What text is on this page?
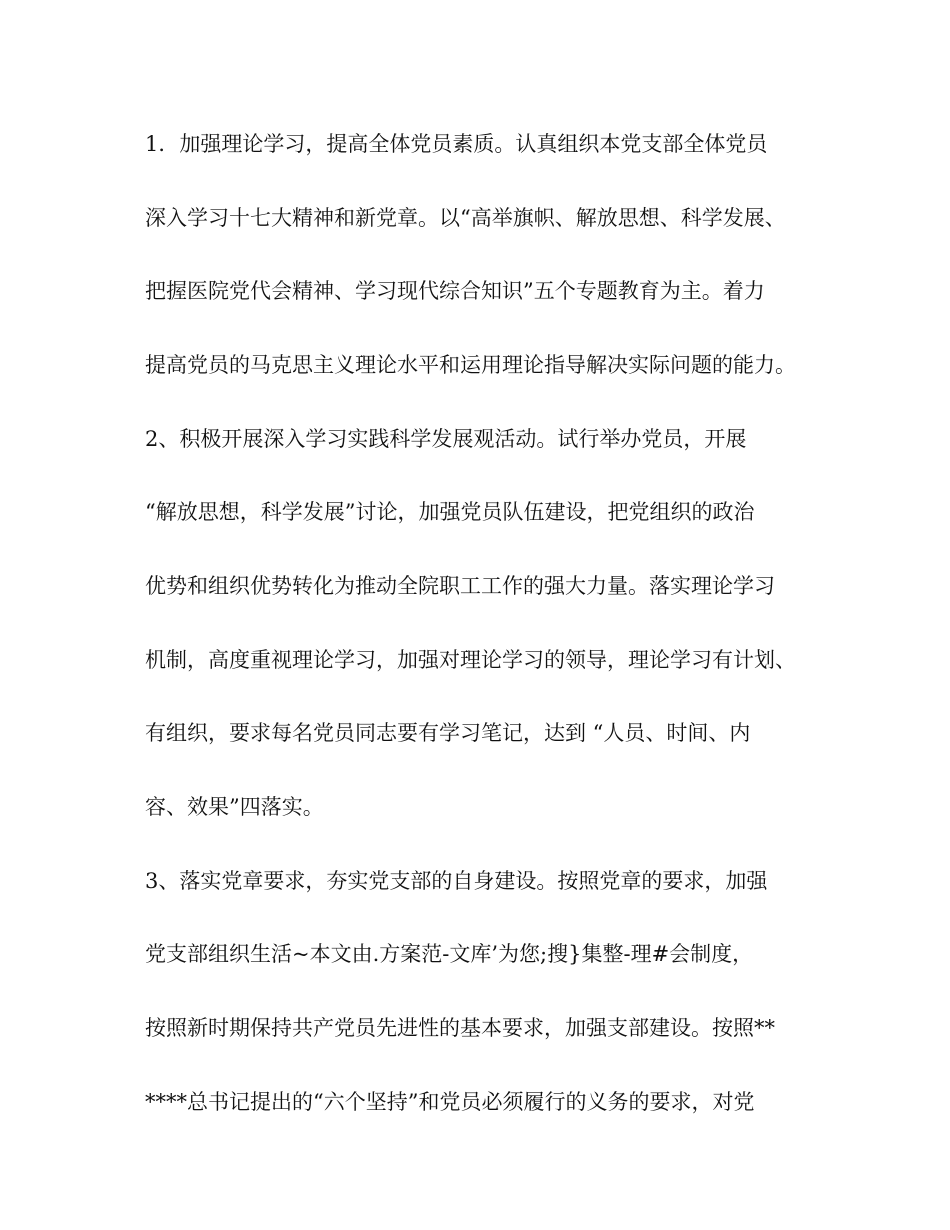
1．加强理论学习，提高全体党员素质。认真组织本党支部全体党员
深入学习十七大精神和新党章。以“高举旗帜、解放思想、科学发展、
把握医院党代会精神、学习现代综合知识”五个专题教育为主。着力
提高党员的马克思主义理论水平和运用理论指导解决实际问题的能力。
2、积极开展深入学习实践科学发展观活动。试行举办党员，开展
“解放思想，科学发展”讨论，加强党员队伍建设，把党组织的政治
优势和组织优势转化为推动全院职工工作的强大力量。落实理论学习
机制，高度重视理论学习，加强对理论学习的领导，理论学习有计划、
有组织，要求每名党员同志要有学习笔记，达到 “人员、时间、内
容、效果”四落实。
3、落实党章要求，夯实党支部的自身建设。按照党章的要求，加强
党支部组织生活~本文由.方案范-文库’为您;搜}集整-理#会制度，
按照新时期保持共产党员先进性的基本要求，加强支部建设。按照**
****总书记提出的“六个坚持”和党员必须履行的义务的要求，对党
